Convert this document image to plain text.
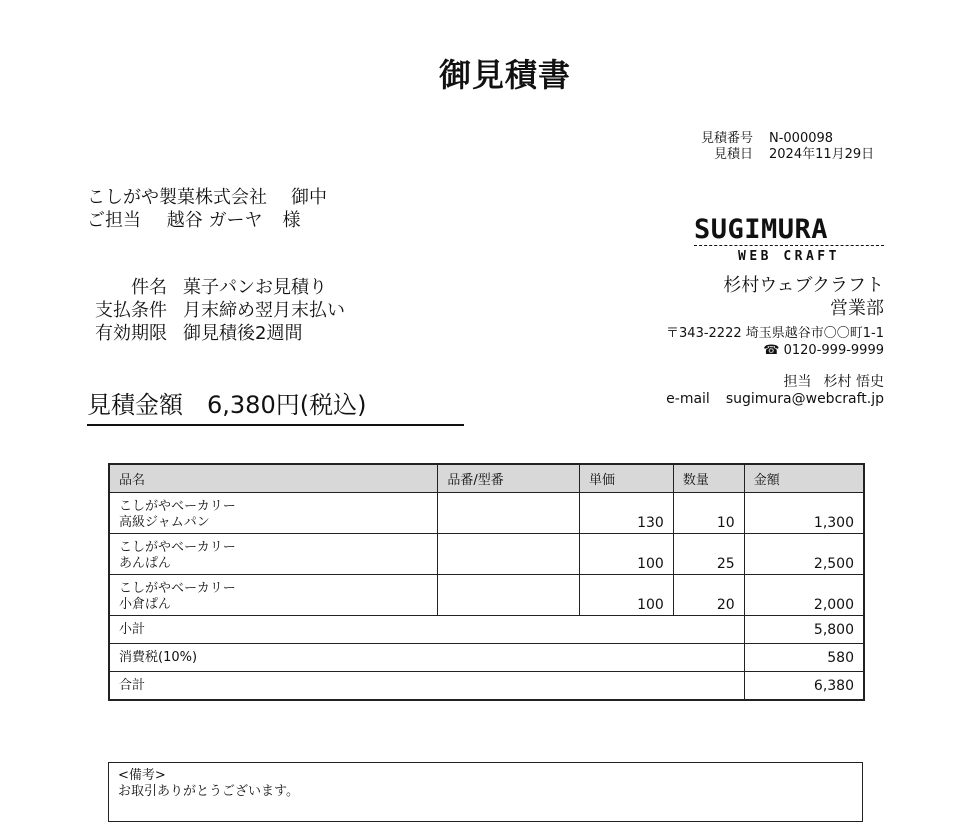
御見積書
見積番号	N-000098
見積日	2024年11月29日
こしがや製菓株式会社 御中
ご担当 越谷 ガーヤ 様	SUGIMURA
WEB CRAFT
杉村ウェブクラフト
営業部
〒343-2222 埼玉県越谷市〇〇町1-1
☎ 0120-999-9999
担当 杉村 悟史
e-mail sugimura@webcraft.jp
件名 菓子パンお見積り
支払条件 月末締め翌月末払い
有効期限 御見積後2週間
見積金額 6,380円(税込)
品名	品番/型番	単価	数量	金額

こしがやベーカリー
高級ジャムパン		130	10	1,300

こしがやベーカリー
あんぱん		100	25	2,500

こしがやベーカリー
小倉ぱん		100	20	2,000
小計				5,800
消費税(10%)				580
合計				6,380
<備考>
お取引ありがとうございます。
